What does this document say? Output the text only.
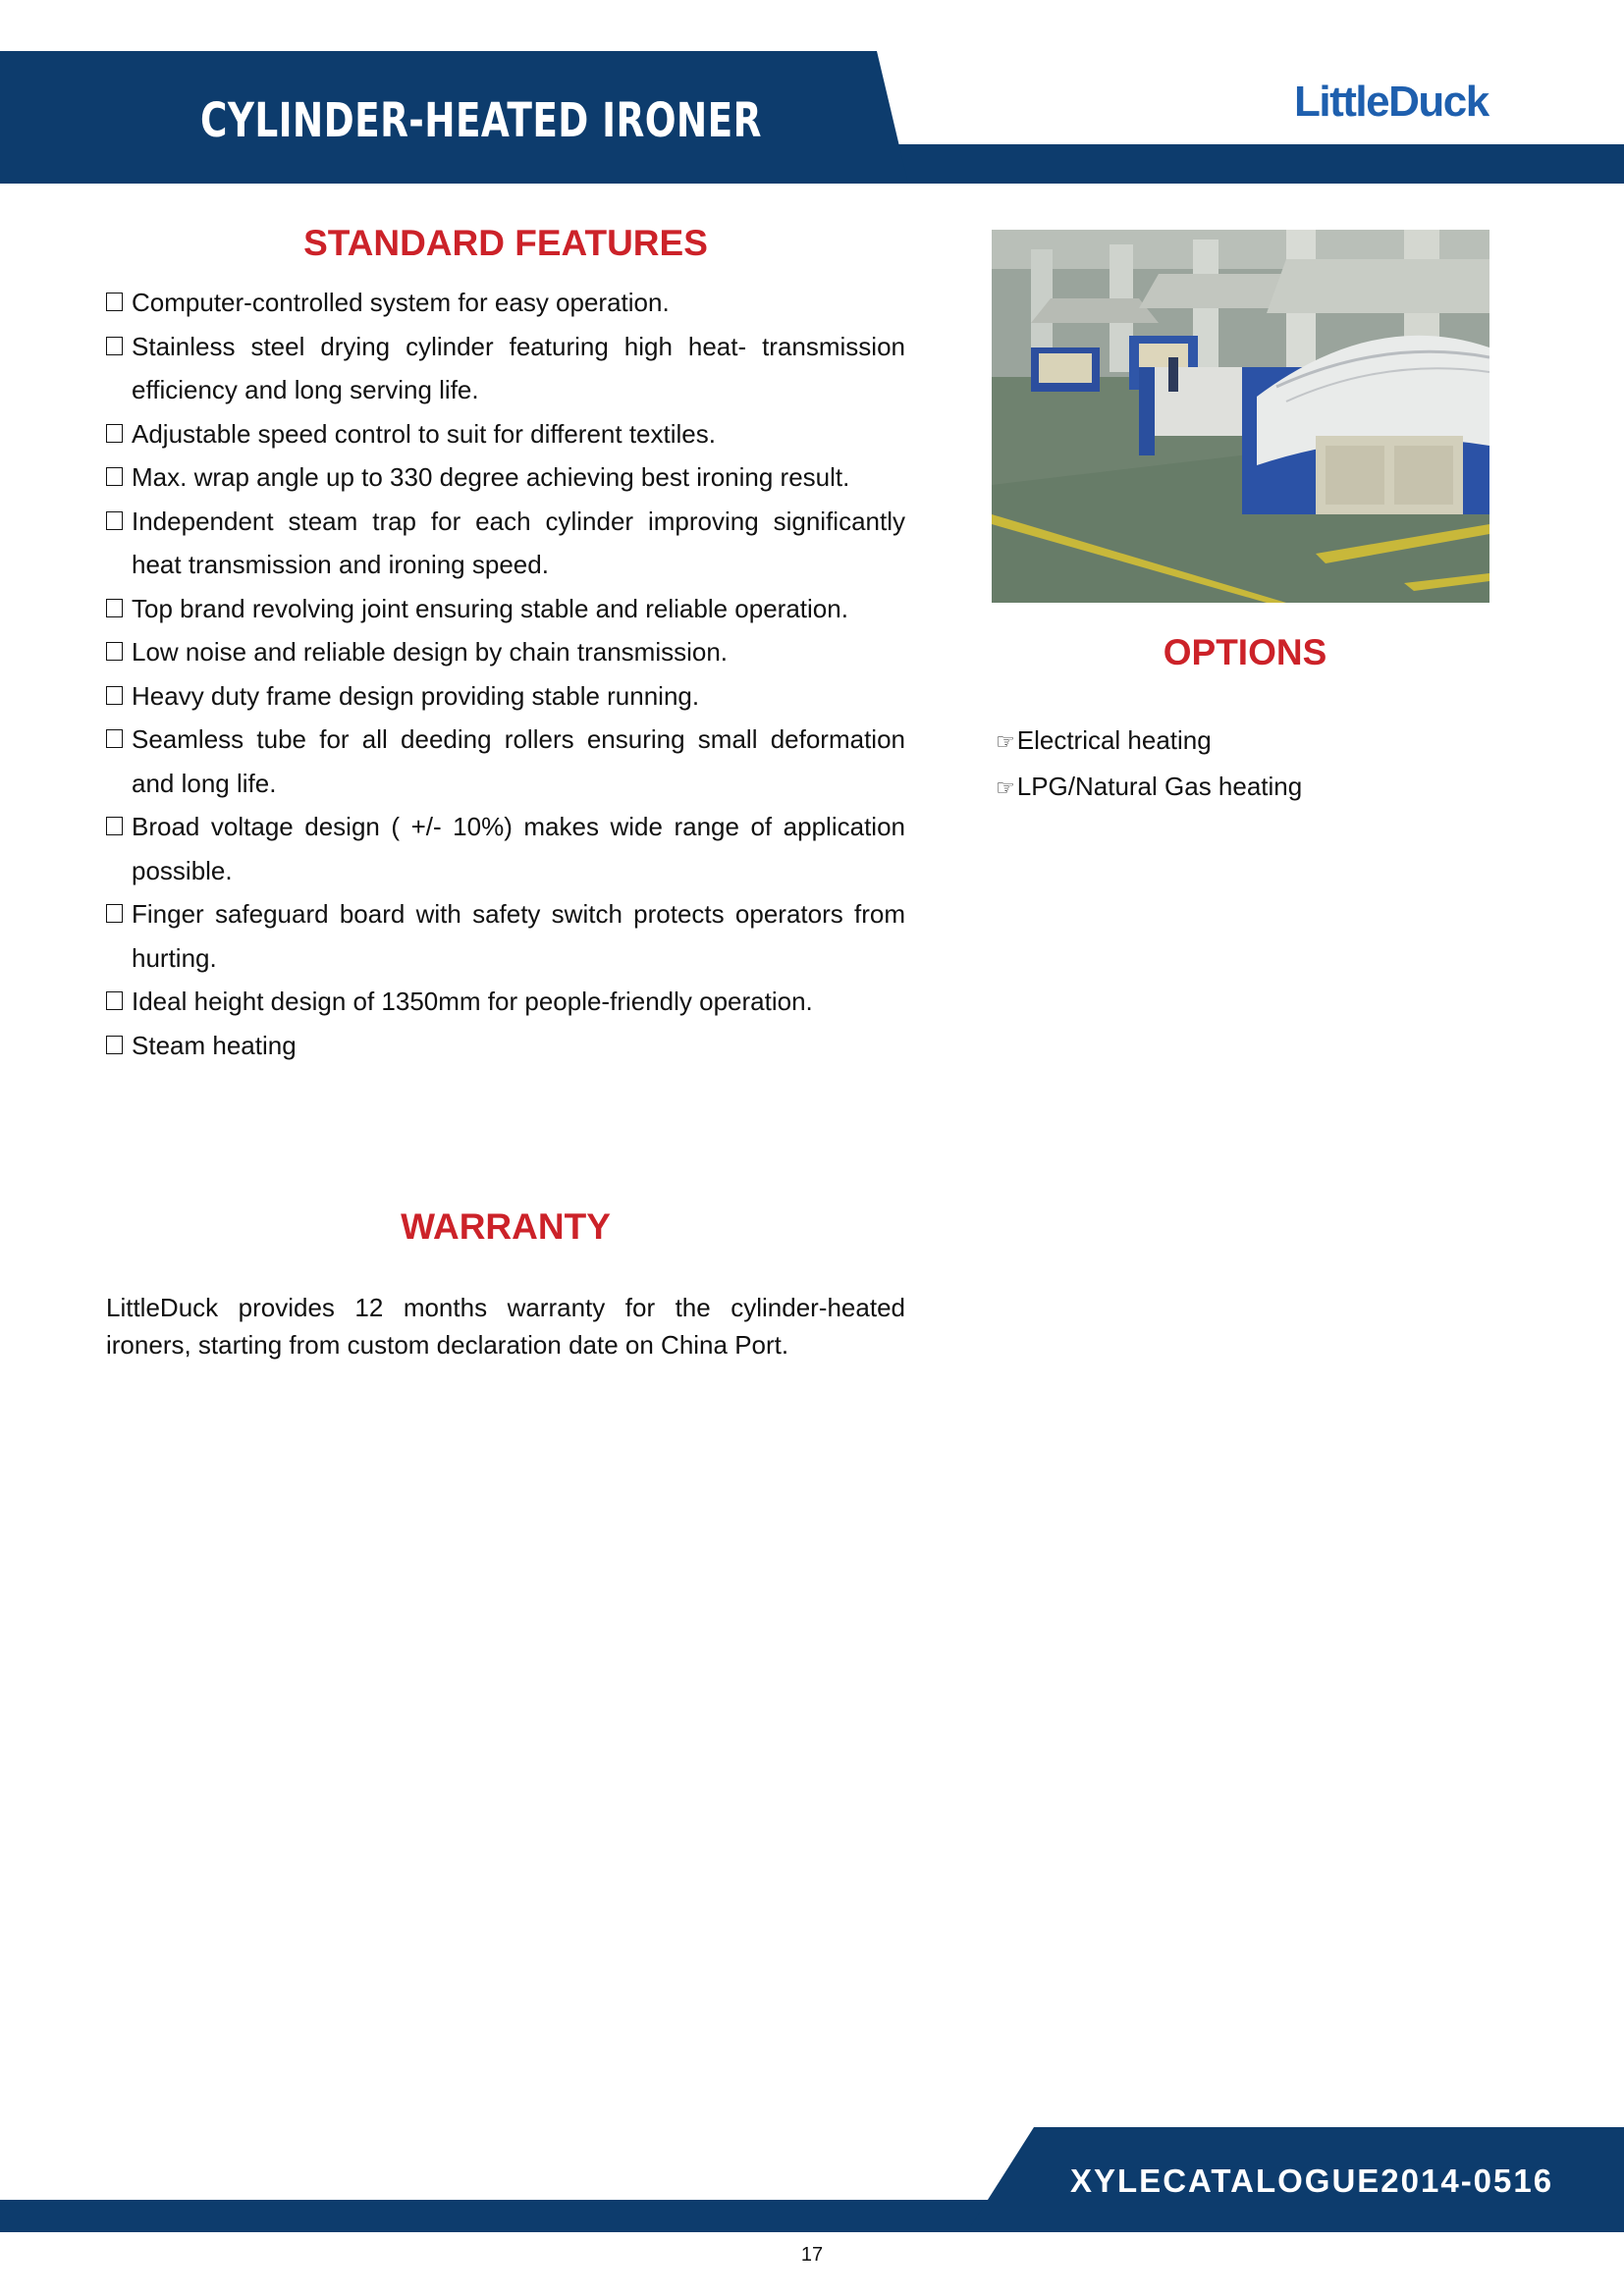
CYLINDER-HEATED IRONER	LittleDuck
STANDARD FEATURES
Computer-controlled system for easy operation.
Stainless steel drying cylinder featuring high heat- transmission efficiency and long serving life.
Adjustable speed control to suit for different textiles.
Max. wrap angle up to 330 degree achieving best ironing result.
Independent steam trap for each cylinder improving significantly heat transmission and ironing speed.
Top brand revolving joint ensuring stable and reliable operation.
Low noise and reliable design by chain transmission.
Heavy duty frame design providing stable running.
Seamless tube for all deeding rollers ensuring small deformation and long life.
Broad voltage design ( +/- 10%) makes wide range of application possible.
Finger safeguard board with safety switch protects operators from hurting.
Ideal height design of 1350mm for people-friendly operation.
Steam heating
OPTIONS
☞Electrical heating
☞LPG/Natural Gas heating
WARRANTY

LittleDuck provides 12 months warranty for the cylinder-heated ironers, starting from custom declaration date on China Port.

XYLECATALOGUE2014-0516
17
